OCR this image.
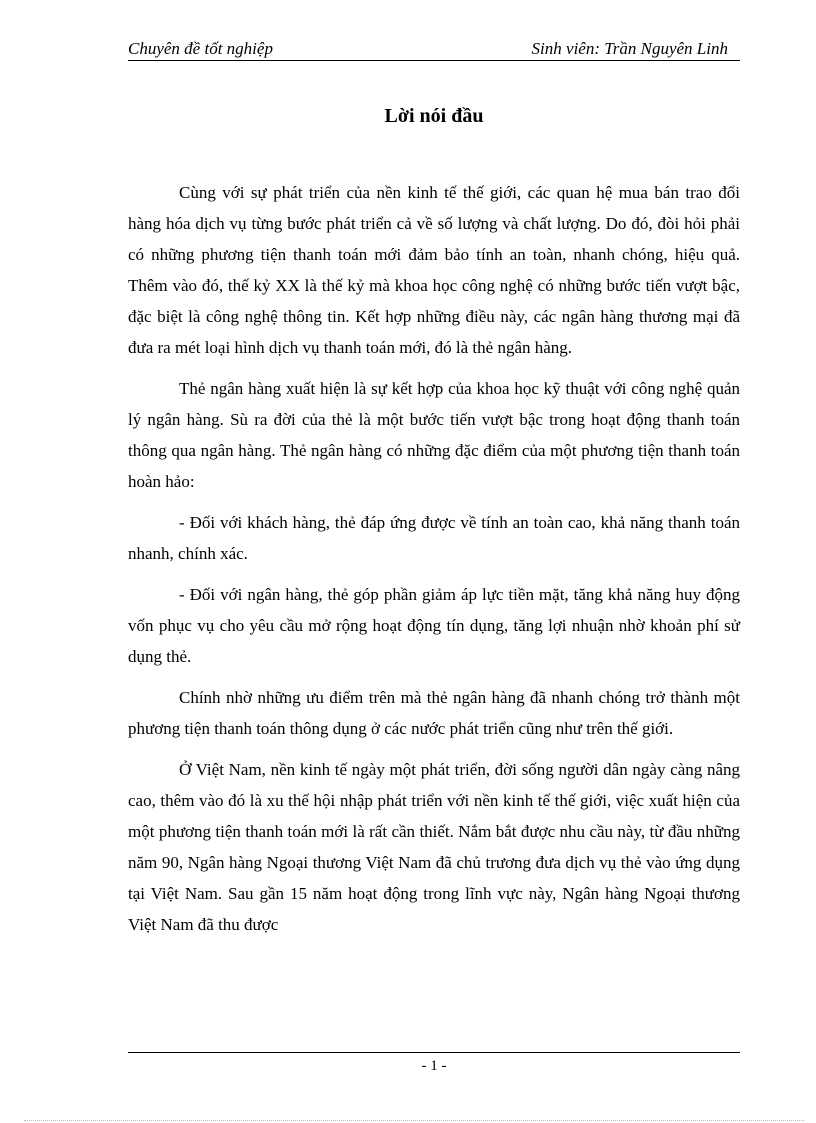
Chuyên đề tốt nghiệp	Sinh viên: Trần Nguyên Linh
Lời nói đầu

Cùng với sự phát triển của nền kinh tế thế giới, các quan hệ mua bán trao đổi hàng hóa dịch vụ từng bước phát triển cả về số lượng và chất lượng. Do đó, đòi hỏi phải có những phương tiện thanh toán mới đảm bảo tính an toàn, nhanh chóng, hiệu quả. Thêm vào đó, thế kỷ XX là thế kỷ mà khoa học công nghệ có những bước tiến vượt bậc, đặc biệt là công nghệ thông tin. Kết hợp những điều này, các ngân hàng thương mại đã đưa ra mét loại hình dịch vụ thanh toán mới, đó là thẻ ngân hàng.

Thẻ ngân hàng xuất hiện là sự kết hợp của khoa học kỹ thuật với công nghệ quản lý ngân hàng. Sù ra đời của thẻ là một bước tiến vượt bậc trong hoạt động thanh toán thông qua ngân hàng. Thẻ ngân hàng có những đặc điểm của một phương tiện thanh toán hoàn hảo:

- Đối với khách hàng, thẻ đáp ứng được về tính an toàn cao, khả năng thanh toán nhanh, chính xác.

- Đối với ngân hàng, thẻ góp phần giảm áp lực tiền mặt, tăng khả năng huy động vốn phục vụ cho yêu cầu mở rộng hoạt động tín dụng, tăng lợi nhuận nhờ khoản phí sử dụng thẻ.

Chính nhờ những ưu điểm trên mà thẻ ngân hàng đã nhanh chóng trở thành một phương tiện thanh toán thông dụng ở các nước phát triển cũng như trên thế giới.

Ở Việt Nam, nền kinh tế ngày một phát triển, đời sống người dân ngày càng nâng cao, thêm vào đó là xu thế hội nhập phát triển với nền kinh tế thế giới, việc xuất hiện của một phương tiện thanh toán mới là rất cần thiết. Nắm bắt được nhu cầu này, từ đầu những năm 90, Ngân hàng Ngoại thương Việt Nam đã chủ trương đưa dịch vụ thẻ vào ứng dụng tại Việt Nam. Sau gần 15 năm hoạt động trong lĩnh vực này, Ngân hàng Ngoại thương Việt Nam đã thu được

- 1 -
